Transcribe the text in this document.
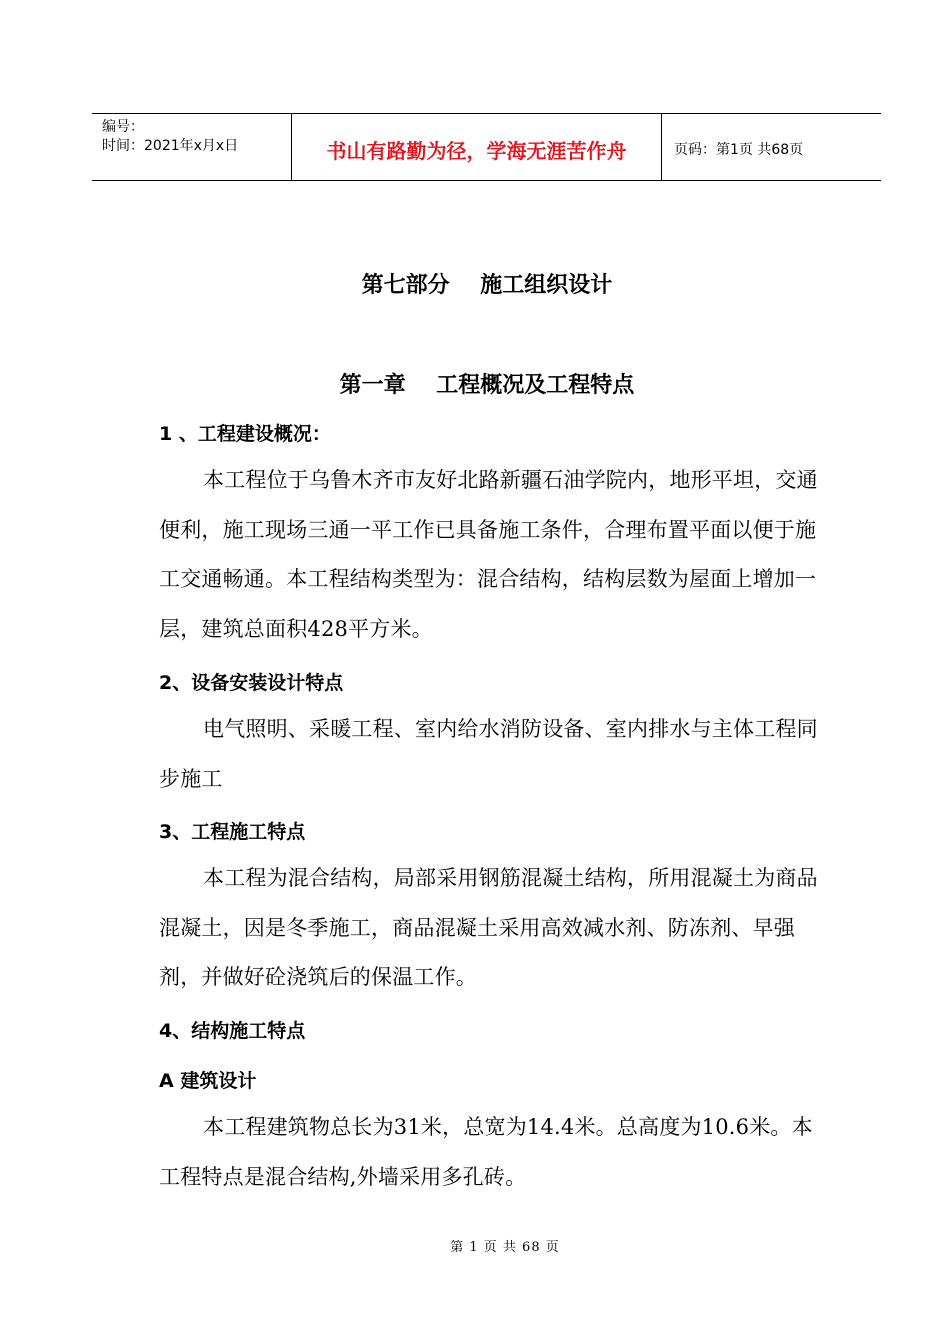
编号：
时间：2021年x月x日	书山有路勤为径，学海无涯苦作舟	页码：第1页 共68页
第七部分    施工组织设计
第一章    工程概况及工程特点
1 、工程建设概况：
本工程位于乌鲁木齐市友好北路新疆石油学院内，地形平坦，交通便利，施工现场三通一平工作已具备施工条件，合理布置平面以便于施工交通畅通。本工程结构类型为：混合结构，结构层数为屋面上增加一层，建筑总面积428平方米。
2、设备安装设计特点
电气照明、采暖工程、室内给水消防设备、室内排水与主体工程同步施工
3、工程施工特点
本工程为混合结构，局部采用钢筋混凝土结构，所用混凝土为商品混凝土，因是冬季施工，商品混凝土采用高效减水剂、防冻剂、早强剂，并做好砼浇筑后的保温工作。
4、结构施工特点
A 建筑设计
本工程建筑物总长为31米，总宽为14.4米。总高度为10.6米。本工程特点是混合结构,外墙采用多孔砖。
第 1 页 共 68 页
